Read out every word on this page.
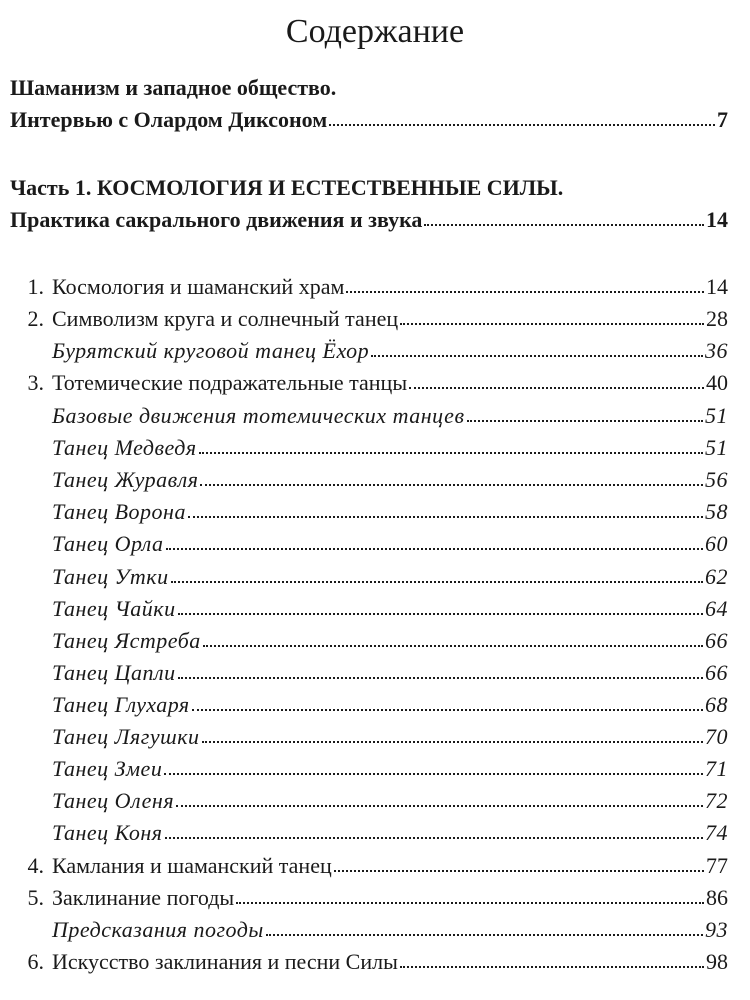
Содержание
Шаманизм и западное общество.
Интервью с Олардом Диксоном	7
Часть 1. КОСМОЛОГИЯ И ЕСТЕСТВЕННЫЕ СИЛЫ.
Практика сакрального движения и звука	14
1. Космология и шаманский храм	14
2. Символизм круга и солнечный танец	28
Бурятский круговой танец Ёхор	36
3. Тотемические подражательные танцы	40
Базовые движения тотемических танцев	51
Танец Медведя	51
Танец Журавля	56
Танец Ворона	58
Танец Орла	60
Танец Утки	62
Танец Чайки	64
Танец Ястреба	66
Танец Цапли	66
Танец Глухаря	68
Танец Лягушки	70
Танец Змеи	71
Танец Оленя	72
Танец Коня	74
4. Камлания и шаманский танец	77
5. Заклинание погоды	86
Предсказания погоды	93
6. Искусство заклинания и песни Силы	98
